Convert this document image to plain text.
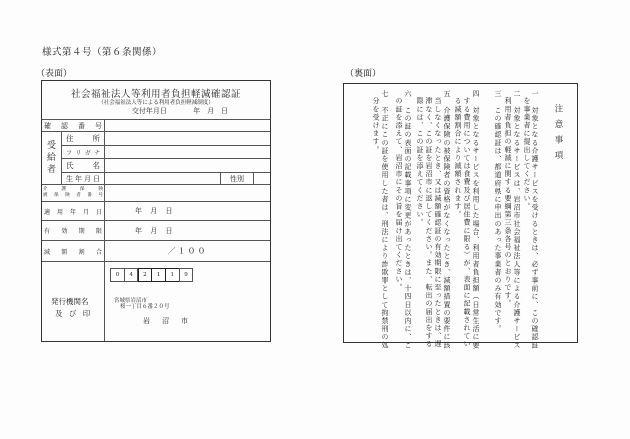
様式第４号（第６条関係）
（表面）	（裏面）
社会福祉法人等利用者負担軽減確認証
（社会福祉法人等による利用者負担軽減制度）
交付年月日	年　月　日
確 認 番 号
受
給
者
住	所
フ リ ガ ナ
氏	名
生 年 月 日	性別
介	護	保	険
被 保 険 者 番 号
適 用 年 月 日	年 月 日
有 効 期 限	年 月 日
減 額 割 合	／１００
発行機関名
及 び 印
0	4	2	1	1	9
宮城県岩沼市
桜一丁目６番２０号
岩沼市
注意事項
一　対象となる介護サービスを受けるときは、必ず事前に、この確認証
を事業者に提出してください。
二　対象となるサービスは、岩沼市社会福祉法人等による介護サービス
利用者負担の軽減に関する要綱第三条各号のとおりです。
三　この確認証は、都道府県に申出のあった事業者のみ有効です。
四　対象となるサービスを利用した場合、利用者負担額（日常生活に要
する費用については食費及び居住費に限る）が、表面に記載されてい
る減額割合により減額されます。
五　介護保険の被保険者の資格がなくなったとき、減額措置の要件に該
当しなくなったとき、又は減額確認証の有効期限に至ったときは、遅
滞なく、この証を岩沼市に返してください。また、転出の届出をする
際には、この証を添えてください。
六　この証の表面の記載事項に変更があったときは、十四日以内に、こ
の証を添えて、岩沼市にその旨を届け出てください。
七　不正にこの証を使用した者は、刑法により詐欺罪として拘禁刑の処
分を受けます。
